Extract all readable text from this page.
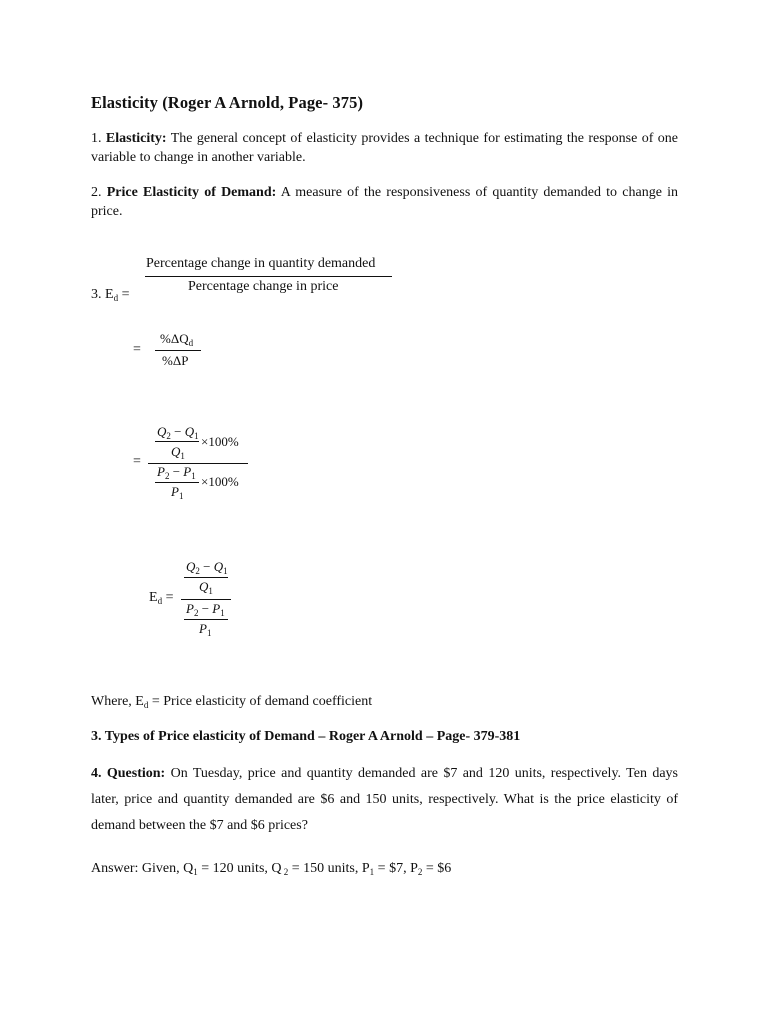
Elasticity (Roger A Arnold, Page- 375)

1. Elasticity: The general concept of elasticity provides a technique for estimating the response of one variable to change in another variable.

2. Price Elasticity of Demand: A measure of the responsiveness of quantity demanded to change in price.

Percentage change in quantity demanded
Percentage change in price
3. $E_d$ =
=
$\%\Delta Q_d$
%ΔP
=
$Q_2 - Q_1 \times 100\%$
$Q_1$
$P_2 - P_1 \times 100\%$
$P_1$
$E_d$ =
$Q_2 - Q_1$
$Q_1$
$P_2 - P_1$
$P_1$

Where, $E_d$ = Price elasticity of demand coefficient

3. Types of Price elasticity of Demand – Roger A Arnold – Page- 379-381

4. Question: On Tuesday, price and quantity demanded are $7 and 120 units, respectively. Ten days later, price and quantity demanded are $6 and 150 units, respectively. What is the price elasticity of demand between the $7 and $6 prices?

Answer: Given, $Q_1 = 120$ units, Q $_2$ = 150 units, $P_1$ = $7, $P_2$ = $6
